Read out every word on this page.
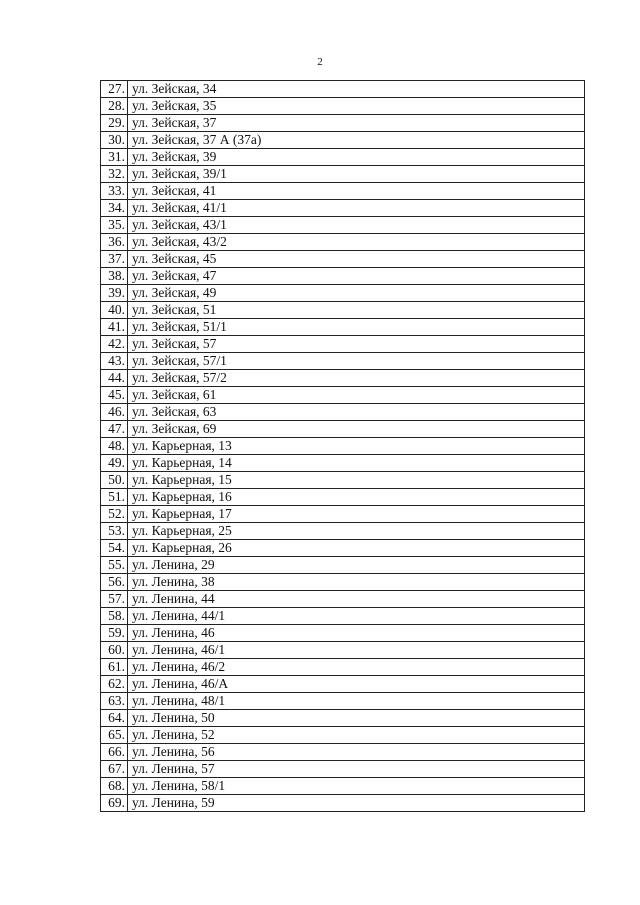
2
27.	ул. Зейская, 34
28.	ул. Зейская, 35
29.	ул. Зейская, 37
30.	ул. Зейская, 37 А (37а)
31.	ул. Зейская, 39
32.	ул. Зейская, 39/1
33.	ул. Зейская, 41
34.	ул. Зейская, 41/1
35.	ул. Зейская, 43/1
36.	ул. Зейская, 43/2
37.	ул. Зейская, 45
38.	ул. Зейская, 47
39.	ул. Зейская, 49
40.	ул. Зейская, 51
41.	ул. Зейская, 51/1
42.	ул. Зейская, 57
43.	ул. Зейская, 57/1
44.	ул. Зейская, 57/2
45.	ул. Зейская, 61
46.	ул. Зейская, 63
47.	ул. Зейская, 69
48.	ул. Карьерная, 13
49.	ул. Карьерная, 14
50.	ул. Карьерная, 15
51.	ул. Карьерная, 16
52.	ул. Карьерная, 17
53.	ул. Карьерная, 25
54.	ул. Карьерная, 26
55.	ул. Ленина, 29
56.	ул. Ленина, 38
57.	ул. Ленина, 44
58.	ул. Ленина, 44/1
59.	ул. Ленина, 46
60.	ул. Ленина, 46/1
61.	ул. Ленина, 46/2
62.	ул. Ленина, 46/А
63.	ул. Ленина, 48/1
64.	ул. Ленина, 50
65.	ул. Ленина, 52
66.	ул. Ленина, 56
67.	ул. Ленина, 57
68.	ул. Ленина, 58/1
69.	ул. Ленина, 59
